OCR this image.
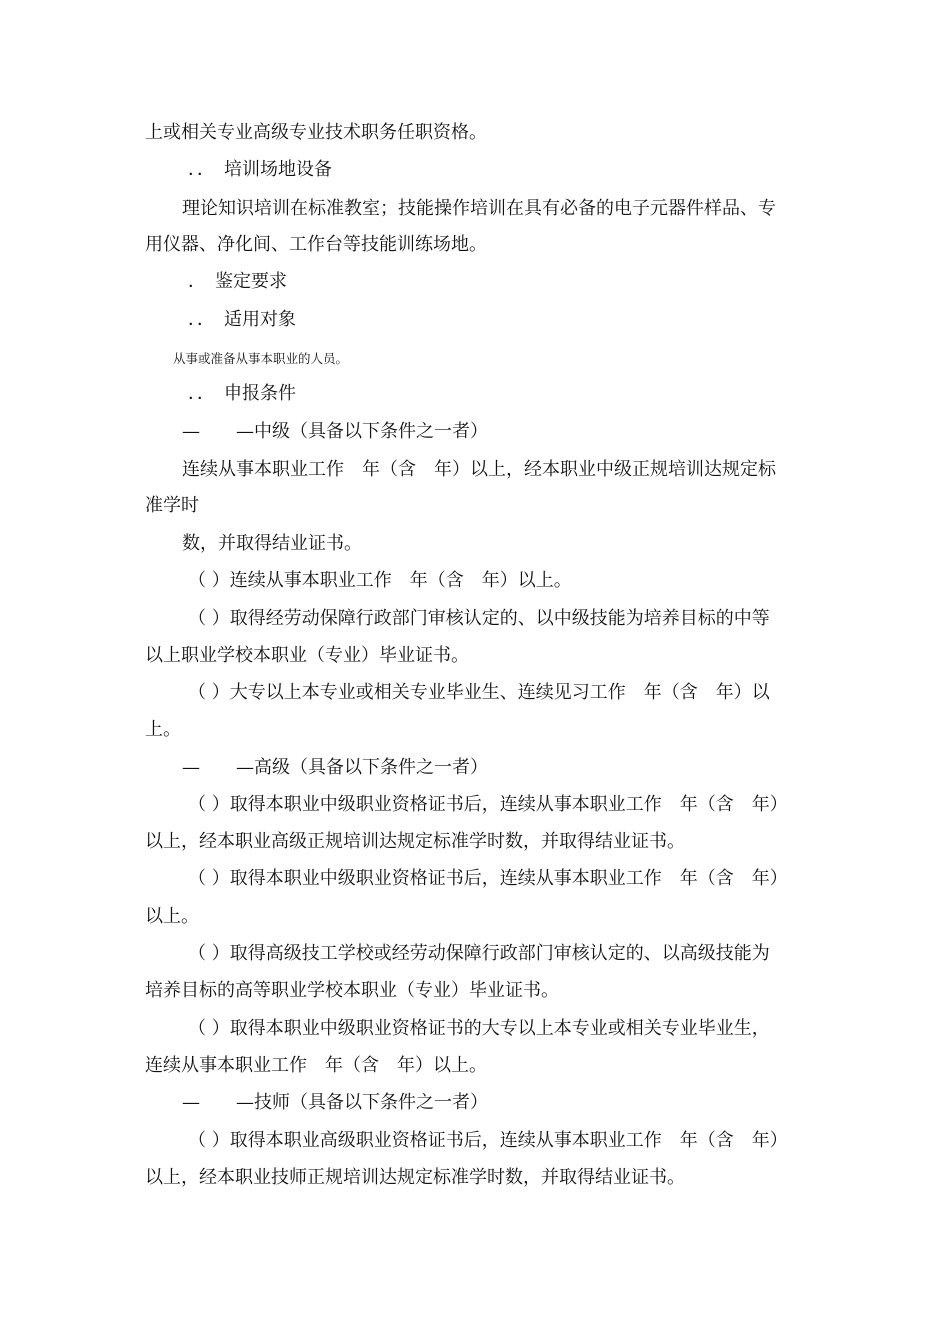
上或相关专业高级专业技术职务任职资格。
．．　培训场地设备
理论知识培训在标准教室；技能操作培训在具有必备的电子元器件样品、专
用仪器、净化间、工作台等技能训练场地。
．　鉴定要求
．．　适用对象
从事或准备从事本职业的人员。
．．　申报条件
—　　—中级（具备以下条件之一者）
连续从事本职业工作　年（含　年）以上，经本职业中级正规培训达规定标
准学时
数，并取得结业证书。
（ ）连续从事本职业工作　年（含　年）以上。
（ ）取得经劳动保障行政部门审核认定的、以中级技能为培养目标的中等
以上职业学校本职业（专业）毕业证书。
（ ）大专以上本专业或相关专业毕业生、连续见习工作　年（含　年）以
上。
—　　—高级（具备以下条件之一者）
（ ）取得本职业中级职业资格证书后，连续从事本职业工作　年（含　年）
以上，经本职业高级正规培训达规定标准学时数，并取得结业证书。
（ ）取得本职业中级职业资格证书后，连续从事本职业工作　年（含　年）
以上。
（ ）取得高级技工学校或经劳动保障行政部门审核认定的、以高级技能为
培养目标的高等职业学校本职业（专业）毕业证书。
（ ）取得本职业中级职业资格证书的大专以上本专业或相关专业毕业生，
连续从事本职业工作　年（含　年）以上。
—　　—技师（具备以下条件之一者）
（ ）取得本职业高级职业资格证书后，连续从事本职业工作　年（含　年）
以上，经本职业技师正规培训达规定标准学时数，并取得结业证书。
